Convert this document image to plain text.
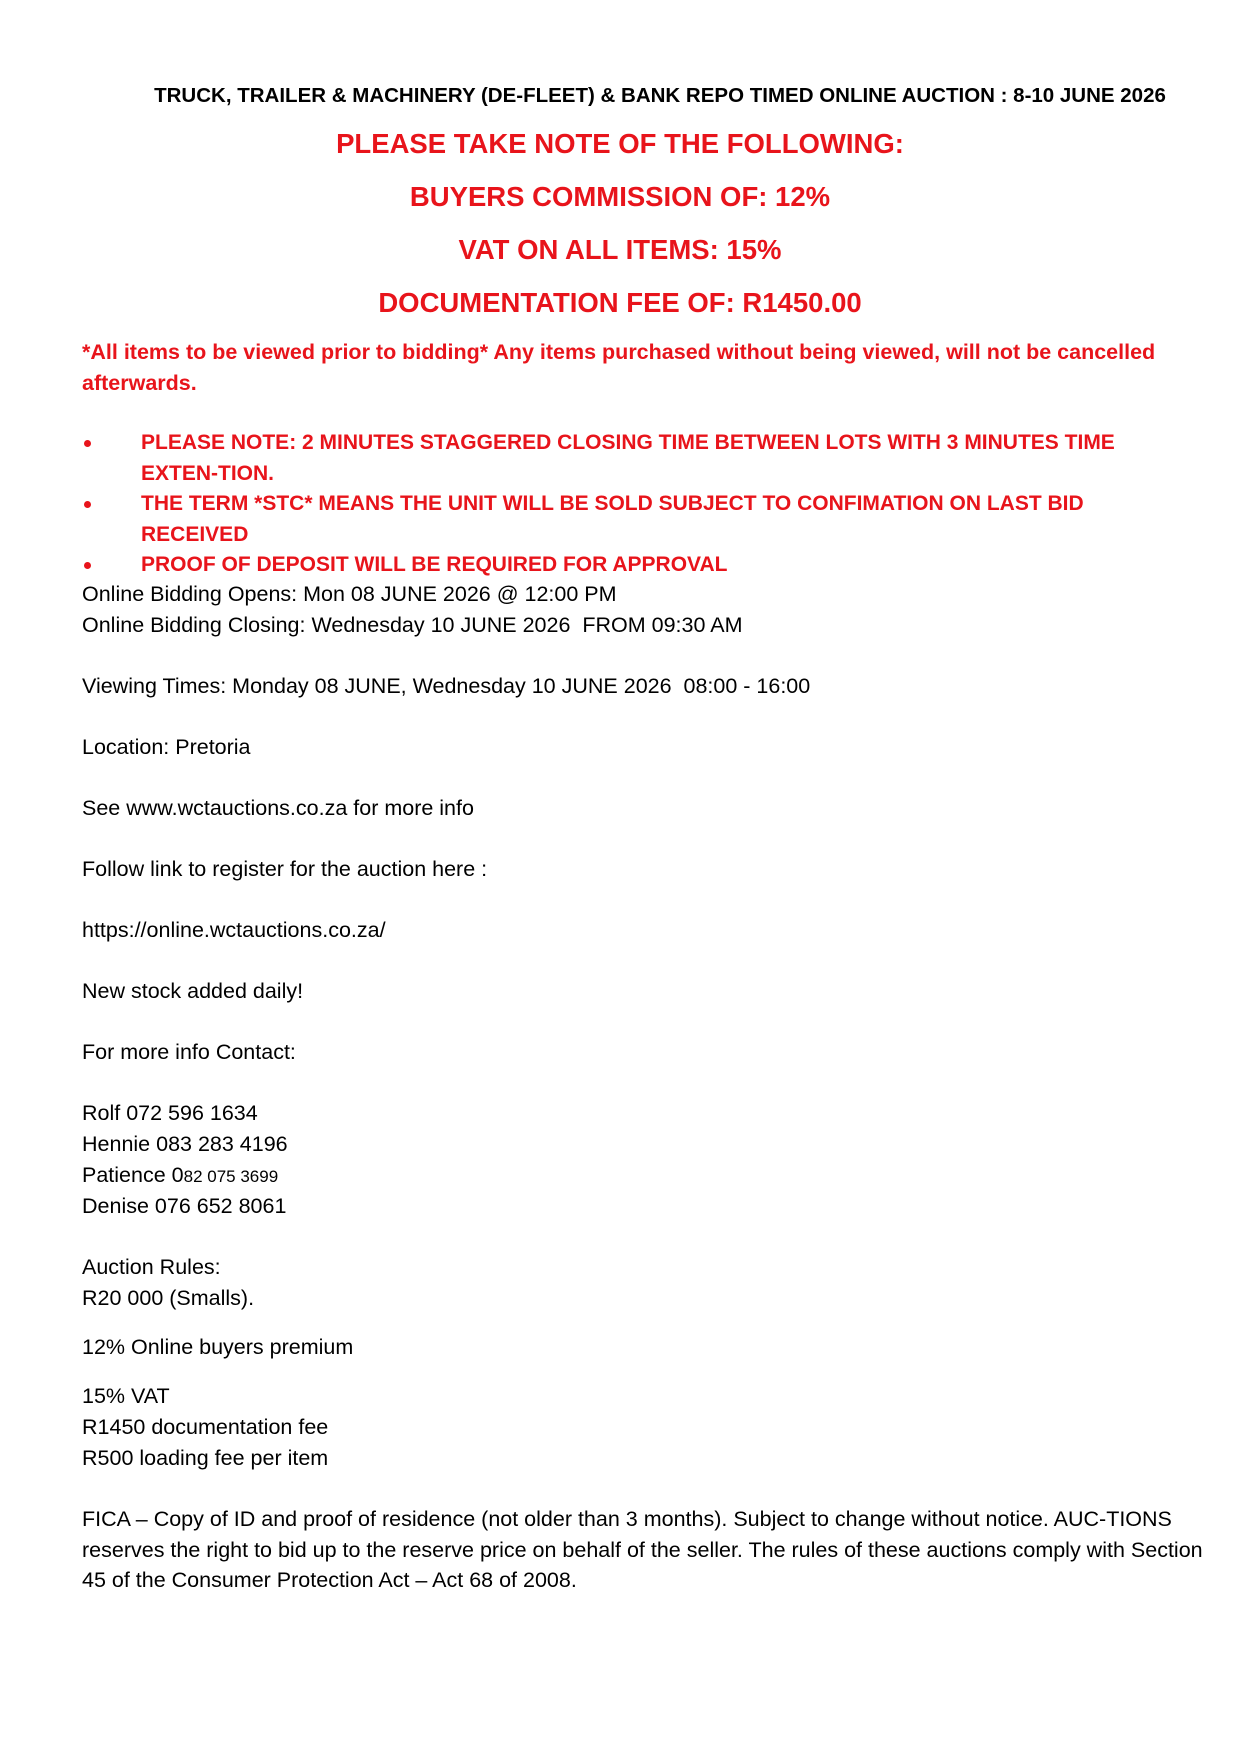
TRUCK, TRAILER & MACHINERY (DE-FLEET) & BANK REPO TIMED ONLINE AUCTION : 8-10 JUNE 2026
PLEASE TAKE NOTE OF THE FOLLOWING:
BUYERS COMMISSION OF: 12%
VAT ON ALL ITEMS: 15%
DOCUMENTATION FEE OF: R1450.00
*All items to be viewed prior to bidding* Any items purchased without being viewed, will not be cancelled afterwards.
PLEASE NOTE: 2 MINUTES STAGGERED CLOSING TIME BETWEEN LOTS WITH 3 MINUTES TIME EXTEN-TION.
THE TERM *STC* MEANS THE UNIT WILL BE SOLD SUBJECT TO CONFIMATION ON LAST BID RECEIVED
PROOF OF DEPOSIT WILL BE REQUIRED FOR APPROVAL
Online Bidding Opens: Mon 08 JUNE 2026 @ 12:00 PM
Online Bidding Closing: Wednesday 10 JUNE 2026  FROM 09:30 AM
Viewing Times: Monday 08 JUNE, Wednesday 10 JUNE 2026  08:00 - 16:00
Location: Pretoria
See www.wctauctions.co.za for more info
Follow link to register for the auction here :
https://online.wctauctions.co.za/
New stock added daily!
For more info Contact:
Rolf 072 596 1634
Hennie 083 283 4196
Patience 082 075 3699
Denise 076 652 8061
Auction Rules:
R20 000 (Smalls).
12% Online buyers premium
15% VAT
R1450 documentation fee
R500 loading fee per item
FICA – Copy of ID and proof of residence (not older than 3 months). Subject to change without notice. AUC-TIONS reserves the right to bid up to the reserve price on behalf of the seller. The rules of these auctions comply with Section 45 of the Consumer Protection Act – Act 68 of 2008.
